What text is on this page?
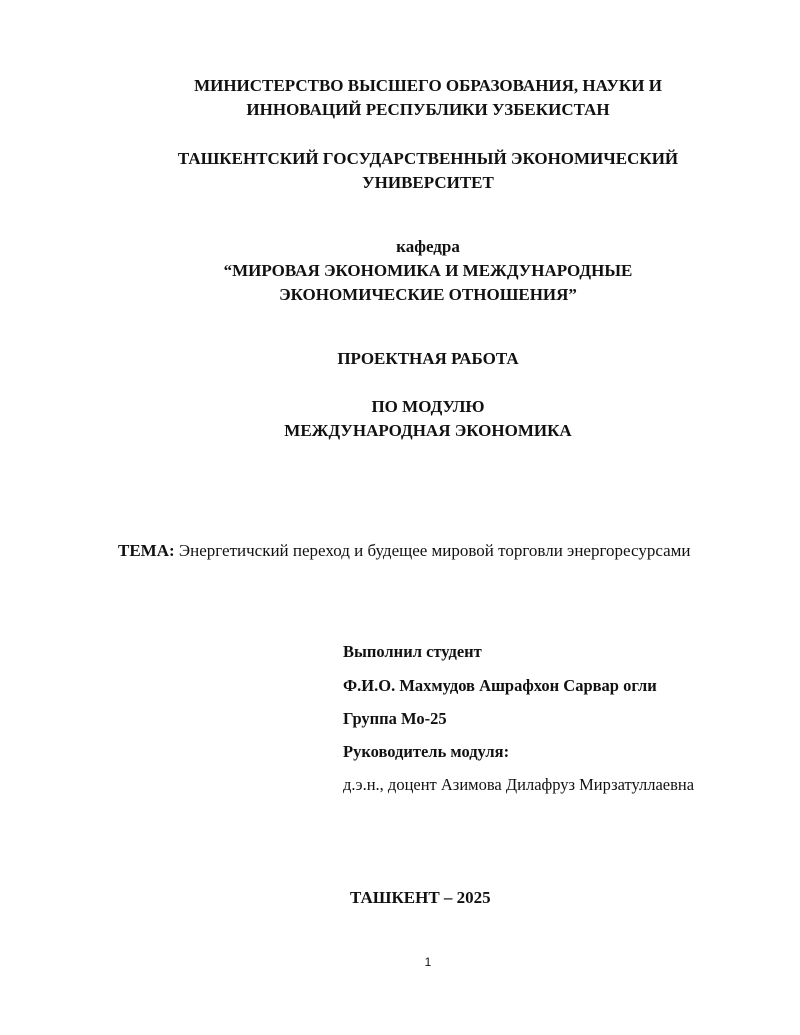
МИНИСТЕРСТВО ВЫСШЕГО ОБРАЗОВАНИЯ, НАУКИ И
ИННОВАЦИЙ РЕСПУБЛИКИ УЗБЕКИСТАН
ТАШКЕНТСКИЙ ГОСУДАРСТВЕННЫЙ ЭКОНОМИЧЕСКИЙ
УНИВЕРСИТЕТ
кафедра
“МИРОВАЯ ЭКОНОМИКА И МЕЖДУНАРОДНЫЕ
ЭКОНОМИЧЕСКИЕ ОТНОШЕНИЯ”
ПРОЕКТНАЯ РАБОТА
ПО МОДУЛЮ
МЕЖДУНАРОДНАЯ ЭКОНОМИКА
ТЕМА: Энергетичский переход и будещее мировой торговли энергоресурсами
Выполнил студент
Ф.И.О. Махмудов Ашрафхон Сарвар огли
Группа Мо-25
Руководитель модуля:
д.э.н., доцент Азимова Дилафруз Мирзатуллаевна
ТАШКЕНТ – 2025
1
